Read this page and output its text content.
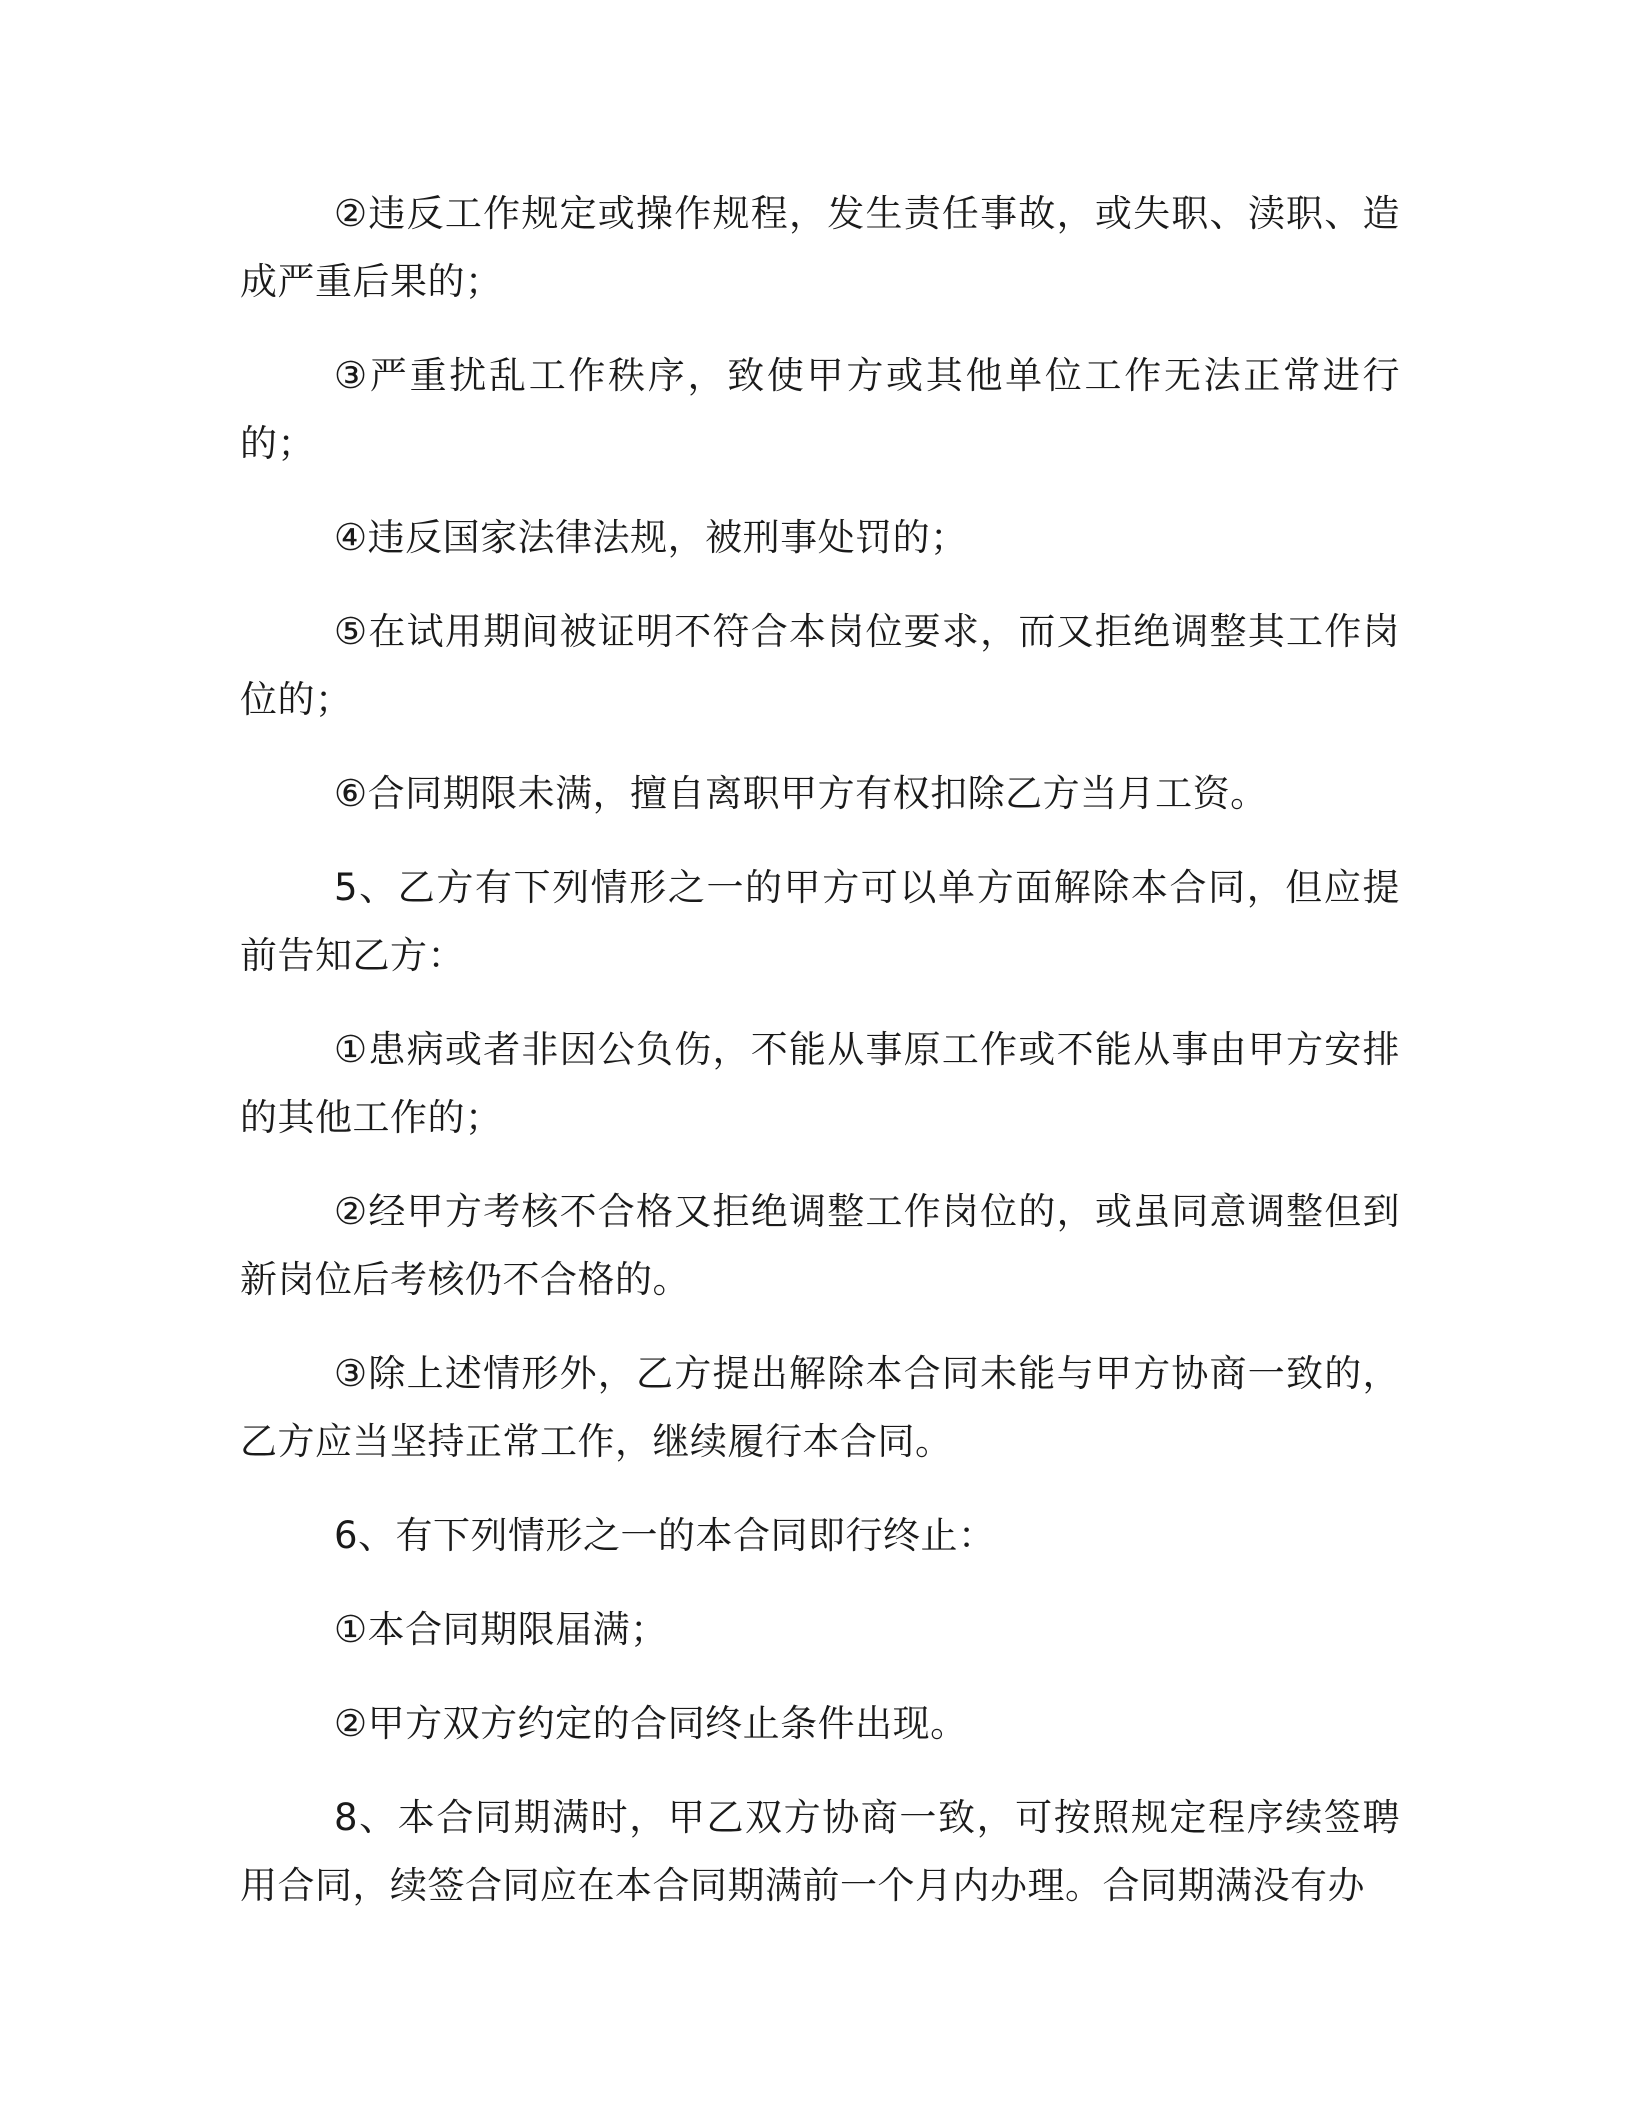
②违反工作规定或操作规程，发生责任事故，或失职、渎职、造成严重后果的；

③严重扰乱工作秩序，致使甲方或其他单位工作无法正常进行的；

④违反国家法律法规，被刑事处罚的；

⑤在试用期间被证明不符合本岗位要求，而又拒绝调整其工作岗位的；

⑥合同期限未满，擅自离职甲方有权扣除乙方当月工资。

5、乙方有下列情形之一的甲方可以单方面解除本合同，但应提前告知乙方：

①患病或者非因公负伤，不能从事原工作或不能从事由甲方安排的其他工作的；

②经甲方考核不合格又拒绝调整工作岗位的，或虽同意调整但到新岗位后考核仍不合格的。

③除上述情形外，乙方提出解除本合同未能与甲方协商一致的，乙方应当坚持正常工作，继续履行本合同。

6、有下列情形之一的本合同即行终止：

①本合同期限届满；

②甲方双方约定的合同终止条件出现。

8、本合同期满时，甲乙双方协商一致，可按照规定程序续签聘用合同，续签合同应在本合同期满前一个月内办理。合同期满没有办
